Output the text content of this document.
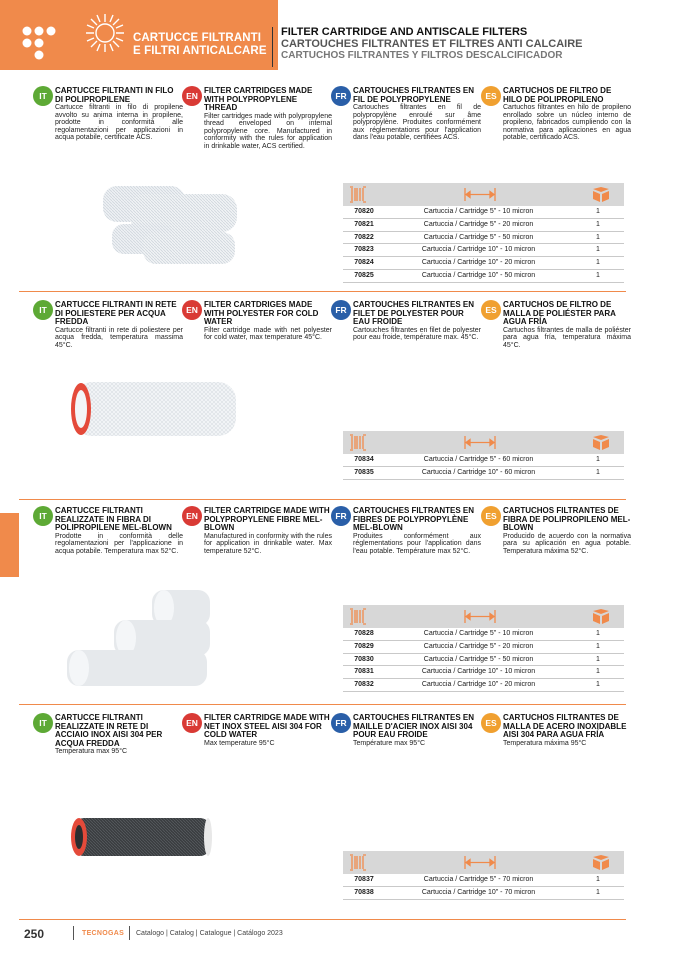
CARTUCCE FILTRANTI
E FILTRI ANTICALCARE
FILTER CARTRIDGE AND ANTISCALE FILTERS
CARTOUCHES FILTRANTES ET FILTRES ANTI CALCAIRE
CARTUCHOS FILTRANTES Y FILTROS DESCALCIFICADOR
IT
CARTUCCE FILTRANTI IN FILO DI POLIPROPILENE
Cartucce filtranti in filo di propilene avvolto su anima interna in propilene, prodotte in conformità alle regolamentazioni per applicazioni in acqua potabile, certificate ACS.
EN
FILTER CARTRIDGES MADE WITH POLYPROPYLENE THREAD
Filter cartridges made with polypropylene thread enveloped on internal polypropylene core. Manufactured in conformity with the rules for application in drinkable water, ACS certified.
FR
CARTOUCHES FILTRANTES EN FIL DE POLYPROPYLENE
Cartouches filtrantes en fil de polypropylène enroulé sur âme polypropylène. Produites conformément aux réglementations pour l'application dans l'eau potable, certifiées ACS.
ES
CARTUCHOS DE FILTRO DE HILO DE POLIPROPILENO
Cartuchos filtrantes en hilo de propileno enrollado sobre un núcleo interno de propileno, fabricados cumpliendo con la normativa para aplicaciones en agua potable, certificado ACS.
70820	Cartuccia / Cartridge 5" - 10 micron	1
70821	Cartuccia / Cartridge 5" - 20 micron	1
70822	Cartuccia / Cartridge 5" - 50 micron	1
70823	Cartuccia / Cartridge 10" - 10 micron	1
70824	Cartuccia / Cartridge 10" - 20 micron	1
70825	Cartuccia / Cartridge 10" - 50 micron	1
IT
CARTUCCE FILTRANTI IN RETE DI POLIESTERE PER ACQUA FREDDA
Cartucce filtranti in rete di poliestere per acqua fredda, temperatura massima 45°C.
EN
FILTER CARTDRIGES MADE WITH POLYESTER FOR COLD WATER
Filter cartridge made with net polyester for cold water, max temperature 45°C.
FR
CARTOUCHES FILTRANTES EN FILET DE POLYESTER POUR EAU FROIDE
Cartouches filtrantes en filet de polyester pour eau froide, température max. 45°C.
ES
CARTUCHOS DE FILTRO DE MALLA DE POLIÉSTER PARA AGUA FRÍA
Cartuchos filtrantes de malla de poliéster para agua fría, temperatura máxima 45°C.
70834	Cartuccia / Cartridge 5" - 60 micron	1
70835	Cartuccia / Cartridge 10" - 60 micron	1
IT
CARTUCCE FILTRANTI REALIZZATE IN FIBRA DI POLIPROPILENE MEL-BLOWN
Prodotte in conformità delle regolamentazioni per l'applicazione in acqua potabile. Temperatura max 52°C.
EN
FILTER CARTRIDGE MADE WITH POLYPROPYLENE FIBRE MEL-BLOWN
Manufactured in conformity with the rules for application in drinkable water. Max temperature 52°C.
FR
CARTOUCHES FILTRANTES EN FIBRES DE POLYPROPYLÈNE MEL-BLOWN
Produites conformément aux réglementations pour l'application dans l'eau potable. Température max 52°C.
ES
CARTUCHOS FILTRANTES DE FIBRA DE POLIPROPILENO MEL-BLOWN
Producido de acuerdo con la normativa para su aplicación en agua potable. Temperatura máxima 52°C.
70828	Cartuccia / Cartridge 5" - 10 micron	1
70829	Cartuccia / Cartridge 5" - 20 micron	1
70830	Cartuccia / Cartridge 5" - 50 micron	1
70831	Cartuccia / Cartridge 10" - 10 micron	1
70832	Cartuccia / Cartridge 10" - 20 micron	1
IT
CARTUCCE FILTRANTI REALIZZATE IN RETE DI ACCIAIO INOX AISI 304 PER ACQUA FREDDA
Temperatura max 95°C
EN
FILTER CARTRIDGE MADE WITH NET INOX STEEL AISI 304 FOR COLD WATER
Max temperature 95°C
FR
CARTOUCHES FILTRANTES EN MAILLE D'ACIER INOX AISI 304 POUR EAU FROIDE
Température max 95°C
ES
CARTUCHOS FILTRANTES DE MALLA DE ACERO INOXIDABLE AISI 304 PARA AGUA FRÍA
Temperatura máxima 95°C
70837	Cartuccia / Cartridge 5" - 70 micron	1
70838	Cartuccia / Cartridge 10" - 70 micron	1
250	TECNOGAS Catalogo | Catalog | Catalogue | Catálogo 2023
